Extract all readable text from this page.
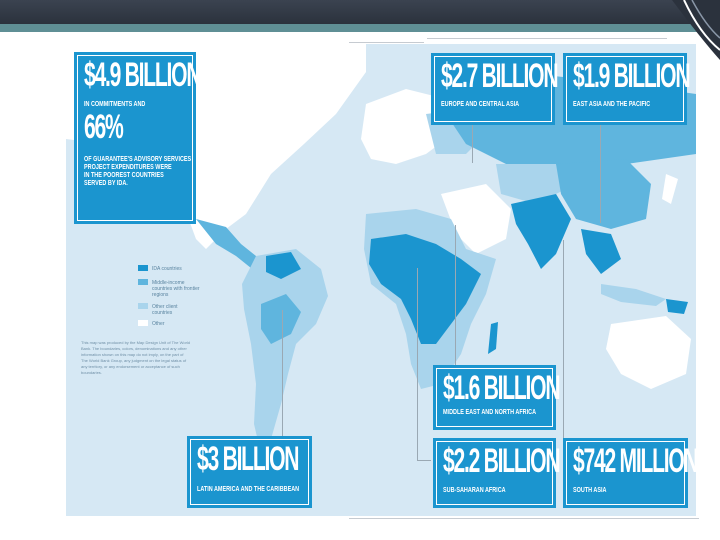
$4.9 BILLION
IN COMMITMENTS AND
66%
OF GUARANTEE'S ADVISORY SERVICES
PROJECT EXPENDITURES WERE
IN THE POOREST COUNTRIES
SERVED BY IDA.
$2.7 BILLION
EUROPE AND CENTRAL ASIA
$1.9 BILLION
EAST ASIA AND THE PACIFIC
$1.6 BILLION
MIDDLE EAST AND NORTH AFRICA
$3 BILLION
LATIN AMERICA AND THE CARIBBEAN
$2.2 BILLION
SUB-SAHARAN AFRICA
$742 MILLION
SOUTH ASIA
IDA countries
Middle-income countries with frontier regions
Other client countries
Other
This map was produced by the Map Design Unit of The World Bank. The boundaries, colors, denominations and any other information shown on this map do not imply, on the part of The World Bank Group, any judgment on the legal status of any territory, or any endorsement or acceptance of such boundaries.
